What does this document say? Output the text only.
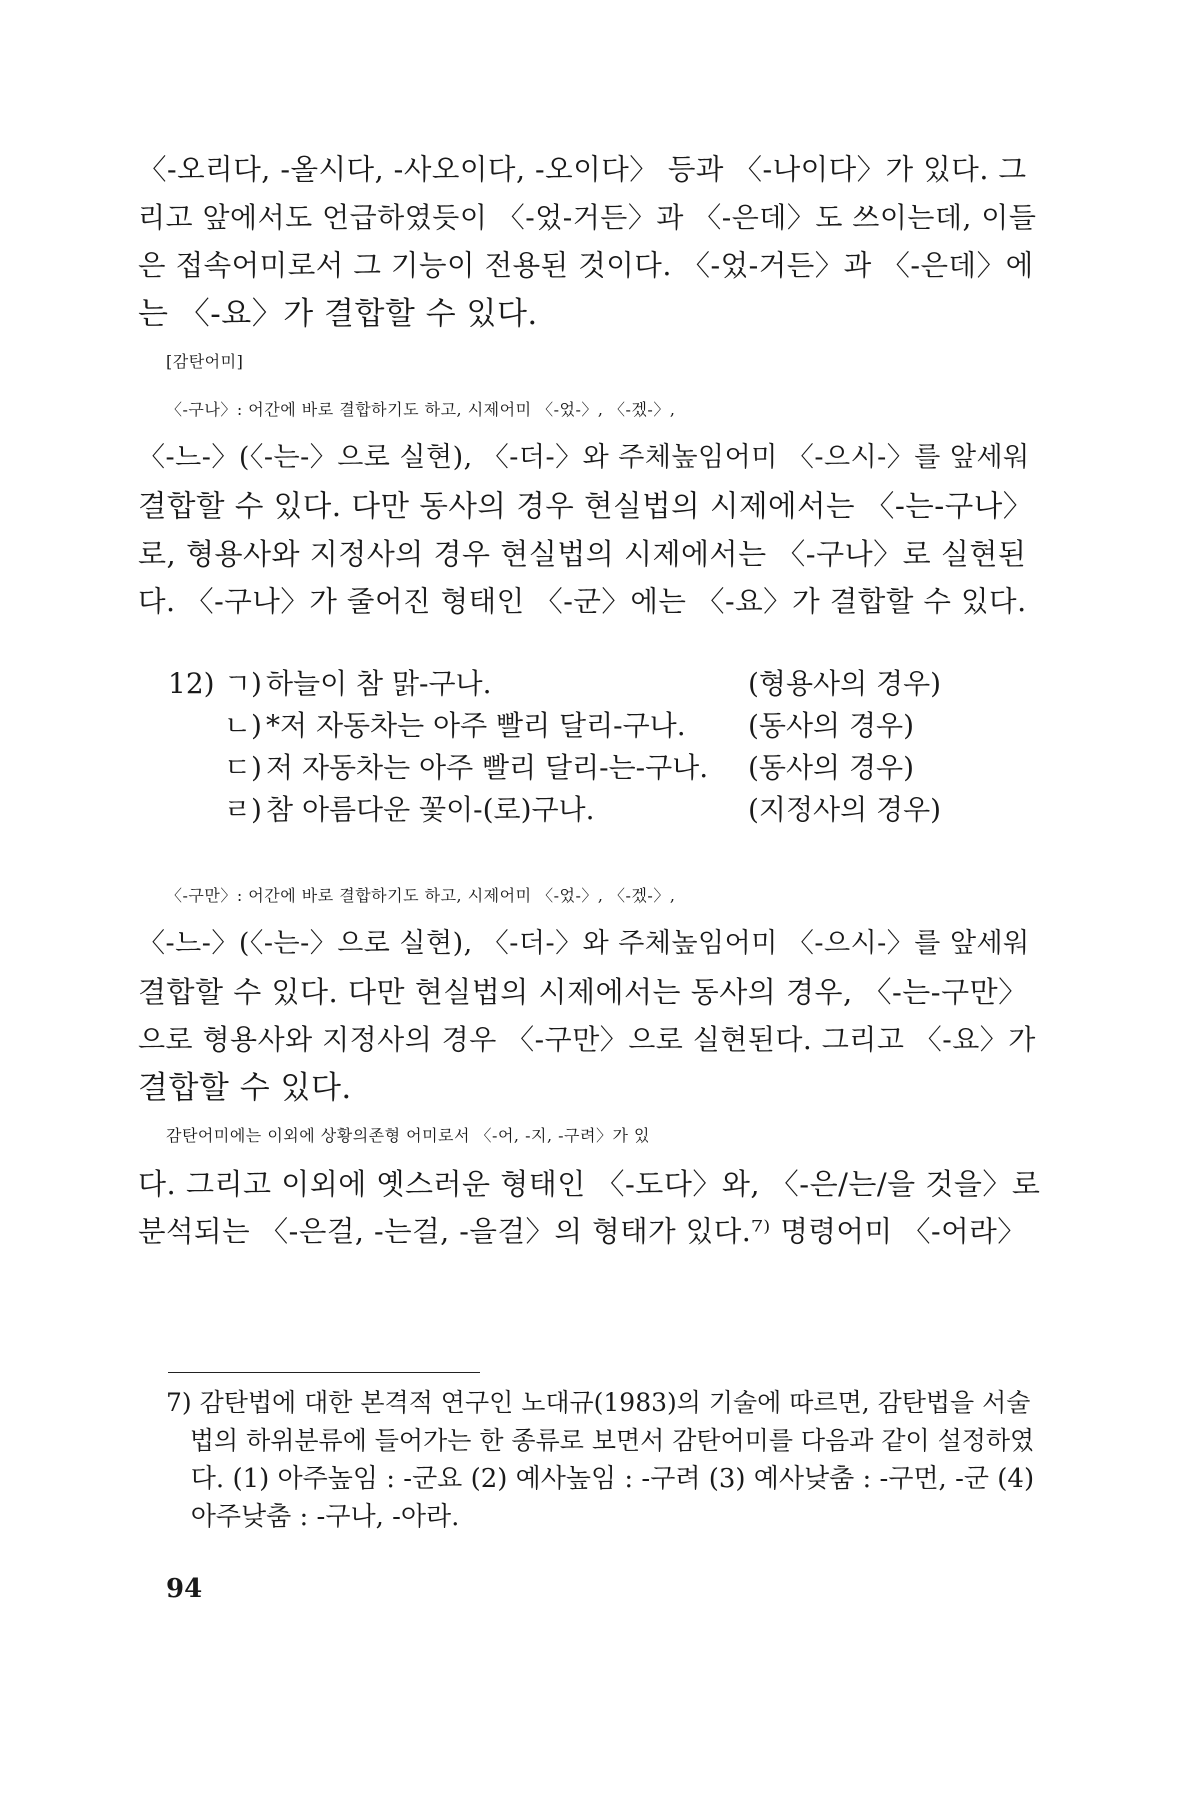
〈-오리다, -올시다, -사오이다, -오이다〉 등과 〈-나이다〉가 있다. 그
리고 앞에서도 언급하였듯이 〈-었-거든〉과 〈-은데〉도 쓰이는데, 이들
은 접속어미로서 그 기능이 전용된 것이다. 〈-었-거든〉과 〈-은데〉에
는 〈-요〉가 결합할 수 있다.
[감탄어미]
〈-구나〉: 어간에 바로 결합하기도 하고, 시제어미 〈-었-〉, 〈-겠-〉,
〈-느-〉(〈-는-〉으로 실현), 〈-더-〉와 주체높임어미 〈-으시-〉를 앞세워
결합할 수 있다. 다만 동사의 경우 현실법의 시제에서는 〈-는-구나〉
로, 형용사와 지정사의 경우 현실법의 시제에서는 〈-구나〉로 실현된
다. 〈-구나〉가 줄어진 형태인 〈-군〉에는 〈-요〉가 결합할 수 있다.
12) ㄱ) 하늘이 참 맑-구나.	(형용사의 경우)
ㄴ) *저 자동차는 아주 빨리 달리-구나. (동사의 경우)
ㄷ) 저 자동차는 아주 빨리 달리-는-구나. (동사의 경우)
ㄹ) 참 아름다운 꽃이-(로)구나.	(지정사의 경우)
〈-구만〉: 어간에 바로 결합하기도 하고, 시제어미 〈-었-〉, 〈-겠-〉,
〈-느-〉(〈-는-〉으로 실현), 〈-더-〉와 주체높임어미 〈-으시-〉를 앞세워
결합할 수 있다. 다만 현실법의 시제에서는 동사의 경우, 〈-는-구만〉
으로 형용사와 지정사의 경우 〈-구만〉으로 실현된다. 그리고 〈-요〉가
결합할 수 있다.
감탄어미에는 이외에 상황의존형 어미로서 〈-어, -지, -구려〉가 있
다. 그리고 이외에 옛스러운 형태인 〈-도다〉와, 〈-은/는/을 것을〉로
분석되는 〈-은걸, -는걸, -을걸〉의 형태가 있다.⁷⁾ 명령어미 〈-어라〉
7) 감탄법에 대한 본격적 연구인 노대규(1983)의 기술에 따르면, 감탄법을 서술
법의 하위분류에 들어가는 한 종류로 보면서 감탄어미를 다음과 같이 설정하였
다. (1) 아주높임 : -군요 (2) 예사높임 : -구려 (3) 예사낮춤 : -구먼, -군 (4)
아주낮춤 : -구나, -아라.
94
